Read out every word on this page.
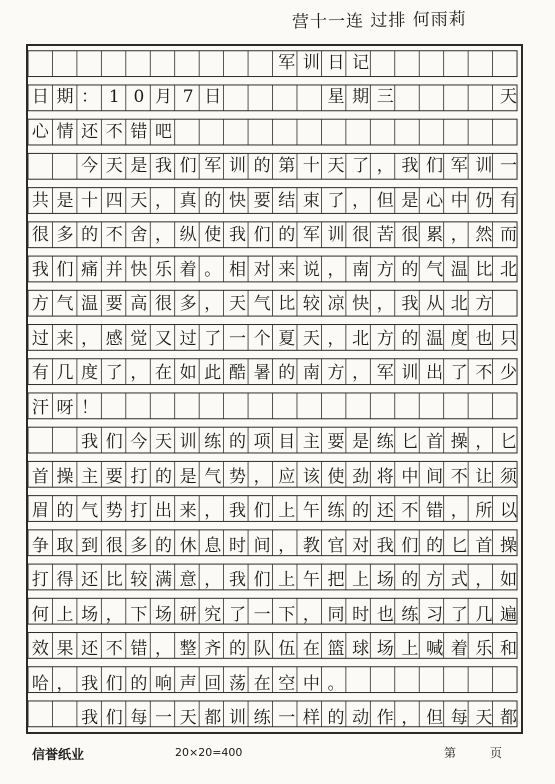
营十一连 过排 何雨莉
军 训 日 记
日 期 ： 1 0 月 7 日	星 期 三	天
心 情 还 不 错 吧
今 天 是 我 们 军 训 的 第 十 天 了 ， 我 们 军 训 一
共 是 十 四 天 ， 真 的 快 要 结 束 了 ， 但 是 心 中 仍 有
很 多 的 不 舍 ， 纵 使 我 们 的 军 训 很 苦 很 累 ， 然 而
我 们 痛 并 快 乐 着 。 相 对 来 说 ， 南 方 的 气 温 比 北
方 气 温 要 高 很 多 ， 天 气 比 较 凉 快 ， 我 从 北 方
过 来 ， 感 觉 又 过 了 一 个 夏 天 ， 北 方 的 温 度 也 只
有 几 度 了 ， 在 如 此 酷 暑 的 南 方 ， 军 训 出 了 不 少
汗 呀 ！
我 们 今 天 训 练 的 项 目 主 要 是 练 匕 首 操 ， 匕
首 操 主 要 打 的 是 气 势 ， 应 该 使 劲 将 中 间 不 让 须
眉 的 气 势 打 出 来 ， 我 们 上 午 练 的 还 不 错 ， 所 以
争 取 到 很 多 的 休 息 时 间 ， 教 官 对 我 们 的 匕 首 操
打 得 还 比 较 满 意 ， 我 们 上 午 把 上 场 的 方 式 ， 如
何 上 场 ， 下 场 研 究 了 一 下 ， 同 时 也 练 习 了 几 遍
效 果 还 不 错 ， 整 齐 的 队 伍 在 篮 球 场 上 喊 着 乐 和
哈 ， 我 们 的 响 声 回 荡 在 空 中 。
我 们 每 一 天 都 训 练 一 样 的 动 作 ， 但 每 天 都
信誉纸业	20×20=400	第	页
